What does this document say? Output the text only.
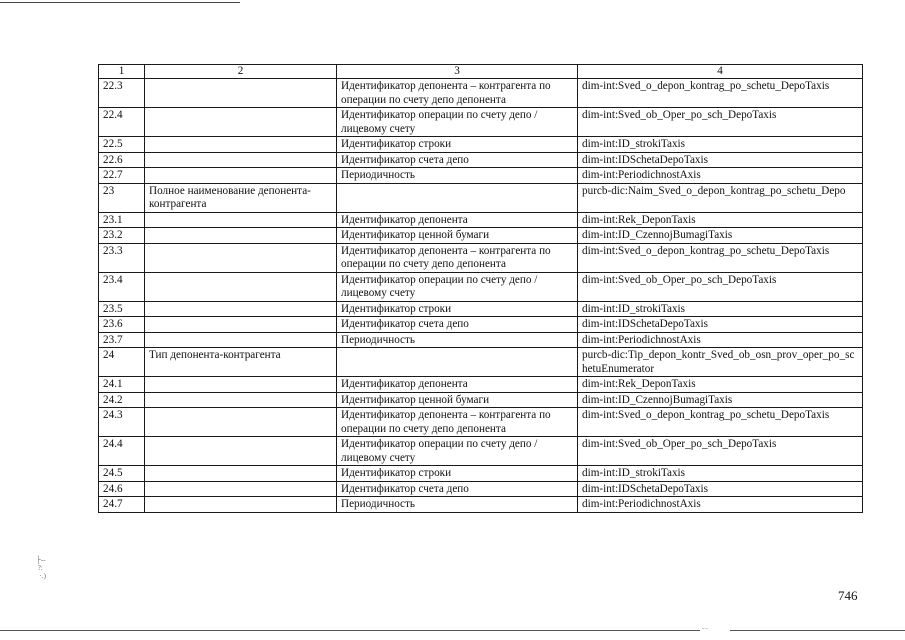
1	2	3	4
22.3		Идентификатор депонента – контрагента по операции по счету депо депонента	dim-int:Sved_o_depon_kontrag_po_schetu_DepoTaxis
22.4		Идентификатор операции по счету депо / лицевому счету	dim-int:Sved_ob_Oper_po_sch_DepoTaxis
22.5		Идентификатор строки	dim-int:ID_strokiTaxis
22.6		Идентификатор счета депо	dim-int:IDSchetaDepoTaxis
22.7		Периодичность	dim-int:PeriodichnostAxis
23	Полное наименование депонента-контрагента		purcb-dic:Naim_Sved_o_depon_kontrag_po_schetu_Depo
23.1		Идентификатор депонента	dim-int:Rek_DeponTaxis
23.2		Идентификатор ценной бумаги	dim-int:ID_CzennojBumagiTaxis
23.3		Идентификатор депонента – контрагента по операции по счету депо депонента	dim-int:Sved_o_depon_kontrag_po_schetu_DepoTaxis
23.4		Идентификатор операции по счету депо / лицевому счету	dim-int:Sved_ob_Oper_po_sch_DepoTaxis
23.5		Идентификатор строки	dim-int:ID_strokiTaxis
23.6		Идентификатор счета депо	dim-int:IDSchetaDepoTaxis
23.7		Периодичность	dim-int:PeriodichnostAxis
24	Тип депонента-контрагента		purcb-dic:Tip_depon_kontr_Sved_ob_osn_prov_oper_po_schetuEnumerator
24.1		Идентификатор депонента	dim-int:Rek_DeponTaxis
24.2		Идентификатор ценной бумаги	dim-int:ID_CzennojBumagiTaxis
24.3		Идентификатор депонента – контрагента по операции по счету депо депонента	dim-int:Sved_o_depon_kontrag_po_schetu_DepoTaxis
24.4		Идентификатор операции по счету депо / лицевому счету	dim-int:Sved_ob_Oper_po_sch_DepoTaxis
24.5		Идентификатор строки	dim-int:ID_strokiTaxis
24.6		Идентификатор счета депо	dim-int:IDSchetaDepoTaxis
24.7		Периодичность	dim-int:PeriodichnostAxis
├--
?:
·.)
746
-·-
